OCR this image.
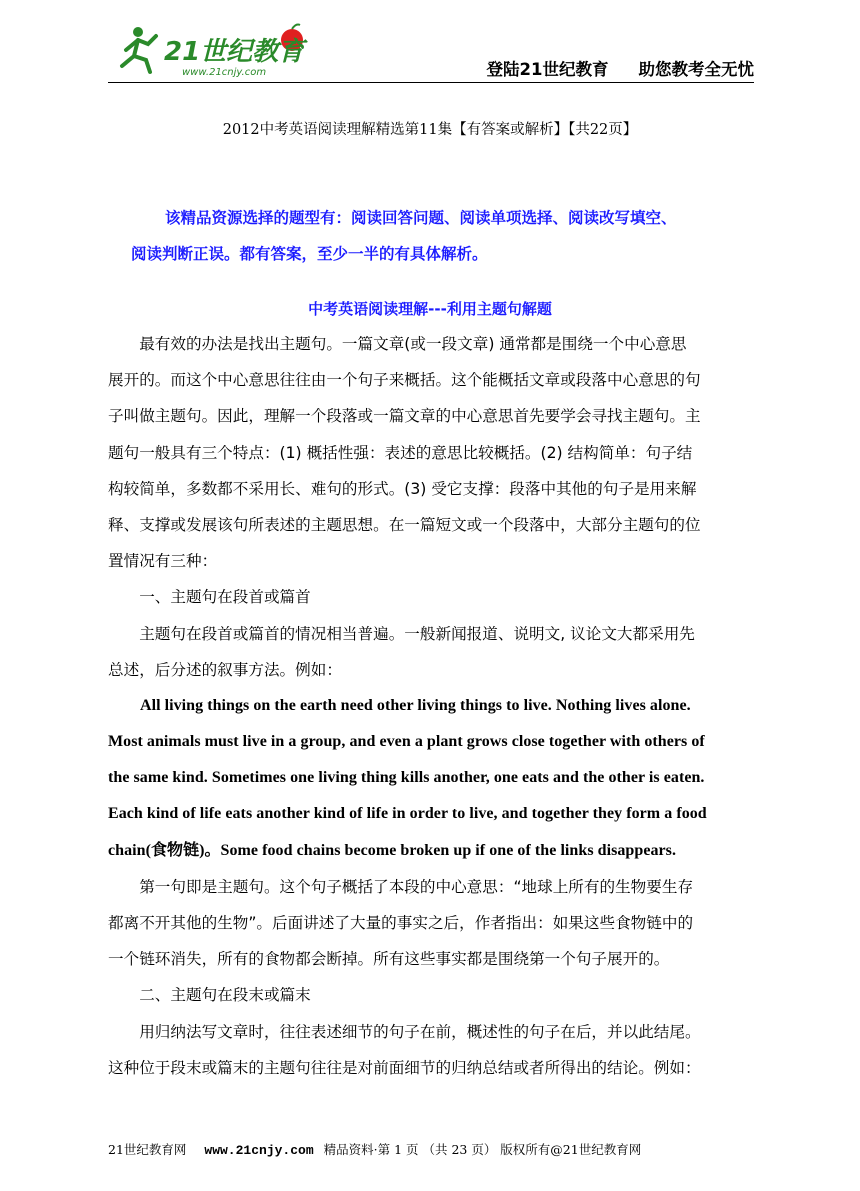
21世纪教育
www.21cnjy.com	登陆21世纪教育 助您教考全无忧
2012中考英语阅读理解精选第11集【有答案或解析】【共22页】
该精品资源选择的题型有：阅读回答问题、阅读单项选择、阅读改写填空、
阅读判断正误。都有答案，至少一半的有具体解析。
中考英语阅读理解---利用主题句解题
　　最有效的办法是找出主题句。一篇文章(或一段文章) 通常都是围绕一个中心意思
展开的。而这个中心意思往往由一个句子来概括。这个能概括文章或段落中心意思的句
子叫做主题句。因此，理解一个段落或一篇文章的中心意思首先要学会寻找主题句。主
题句一般具有三个特点：(1) 概括性强：表述的意思比较概括。(2) 结构简单：句子结
构较简单，多数都不采用长、难句的形式。(3) 受它支撑：段落中其他的句子是用来解
释、支撑或发展该句所表述的主题思想。在一篇短文或一个段落中，大部分主题句的位
置情况有三种：
　　一、主题句在段首或篇首
　　主题句在段首或篇首的情况相当普遍。一般新闻报道、说明文, 议论文大都采用先
总述，后分述的叙事方法。例如：
All living things on the earth need other living things to live. Nothing lives alone.
Most animals must live in a group, and even a plant grows close together with others of
the same kind. Sometimes one living thing kills another, one eats and the other is eaten.
Each kind of life eats another kind of life in order to live, and together they form a food
chain(食物链)。Some food chains become broken up if one of the links disappears.
　　第一句即是主题句。这个句子概括了本段的中心意思：“地球上所有的生物要生存
都离不开其他的生物”。后面讲述了大量的事实之后，作者指出：如果这些食物链中的
一个链环消失，所有的食物都会断掉。所有这些事实都是围绕第一个句子展开的。
　　二、主题句在段末或篇末
　　用归纳法写文章时，往往表述细节的句子在前，概述性的句子在后，并以此结尾。
这种位于段末或篇末的主题句往往是对前面细节的归纳总结或者所得出的结论。例如：
21世纪教育网 www.21cnjy.com 精品资料·第 1 页 （共 23 页） 版权所有@21世纪教育网
